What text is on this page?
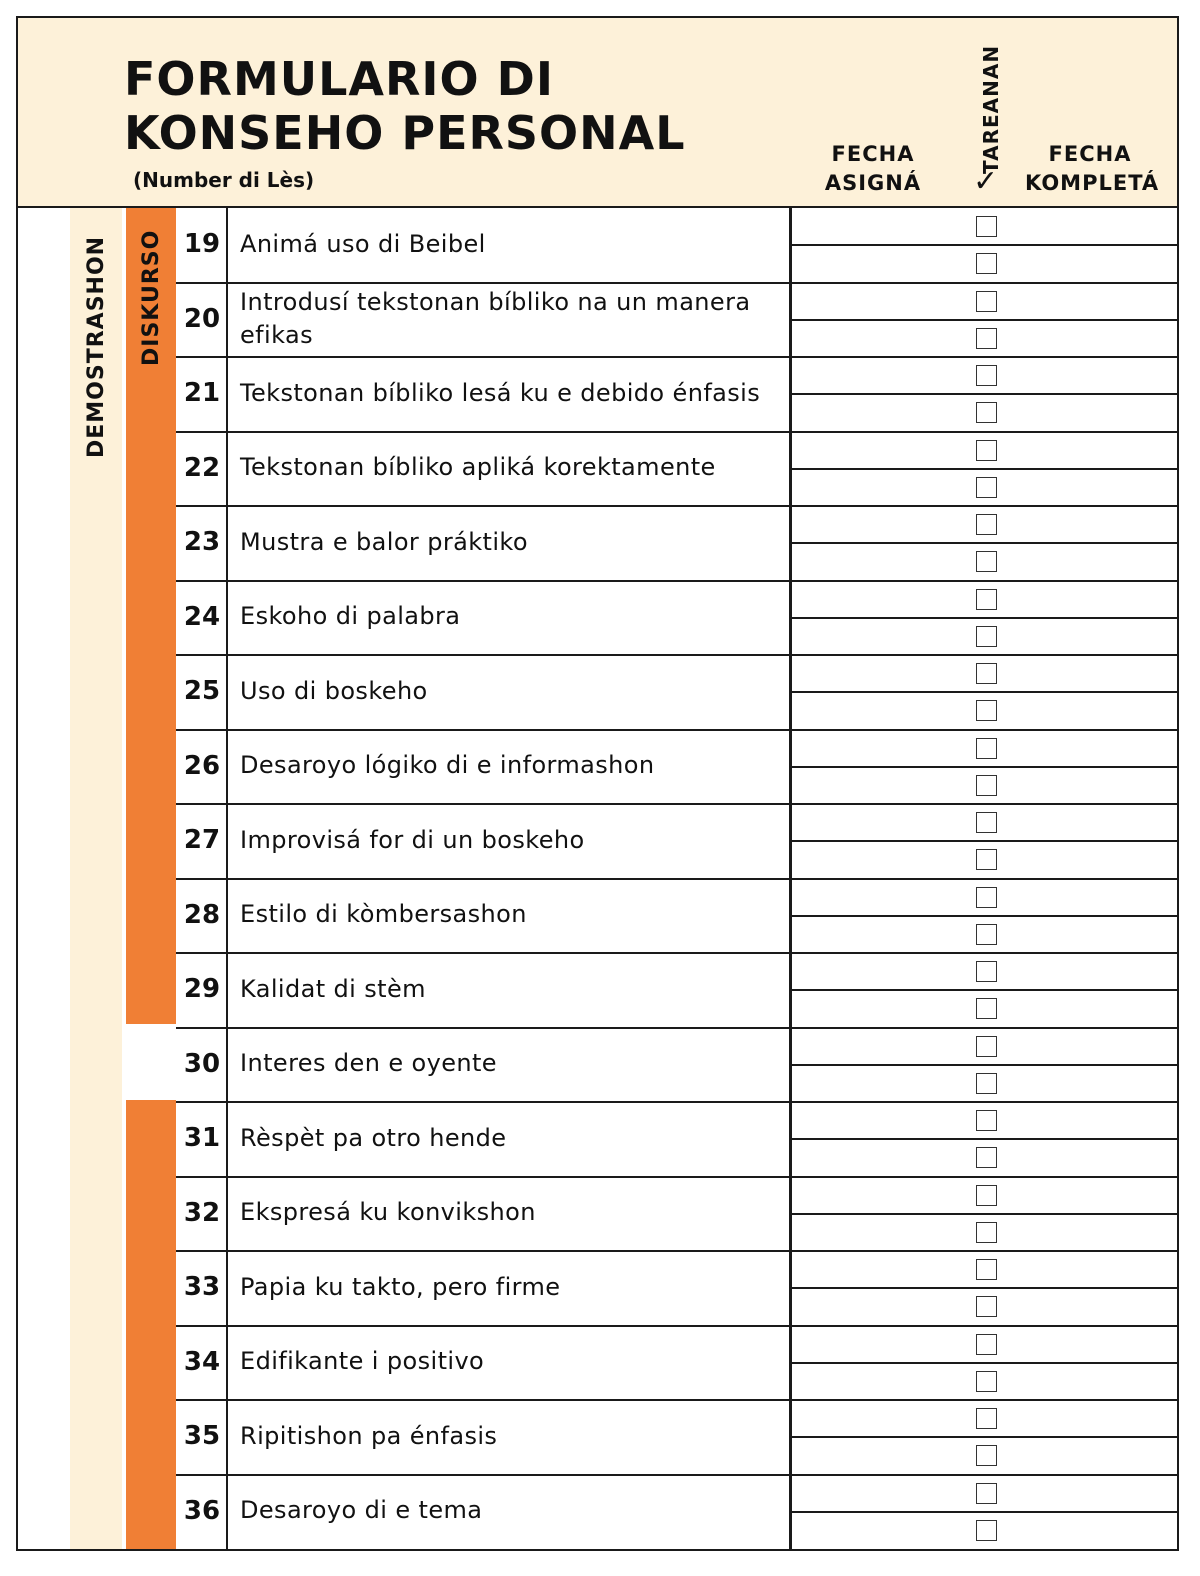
FORMULARIO DI
KONSEHO PERSONAL
(Number di Lès)
FECHA
ASIGNÁ
TAREANAN
✓
FECHA
KOMPLETÁ
DEMOSTRASHON DISKURSO 19 Animá uso di Beibel
20
Introdusí tekstonan bíbliko na un manera efikas
21 Tekstonan bíbliko lesá ku e debido énfasis
22 Tekstonan bíbliko apliká korektamente
23 Mustra e balor práktiko
24 Eskoho di palabra
25 Uso di boskeho
26 Desaroyo lógiko di e informashon
27 Improvisá for di un boskeho
28 Estilo di kòmbersashon
29 Kalidat di stèm
30 Interes den e oyente
31 Rèspèt pa otro hende
32 Ekspresá ku konvikshon
33 Papia ku takto, pero firme
34 Edifikante i positivo
35 Ripitishon pa énfasis
36 Desaroyo di e tema
